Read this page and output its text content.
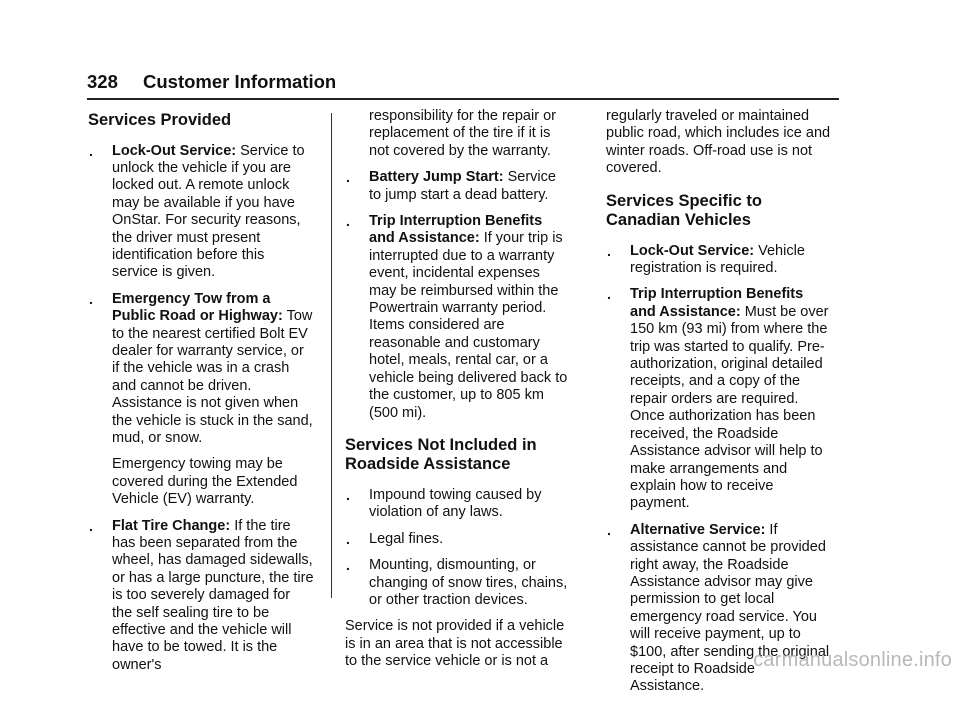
328 Customer Information
Services Provided
. Lock-Out Service: Service to unlock the vehicle if you are locked out. A remote unlock may be available if you have OnStar. For security reasons, the driver must present identification before this service is given.
. Emergency Tow from a Public Road or Highway: Tow to the nearest certified Bolt EV dealer for warranty service, or if the vehicle was in a crash and cannot be driven. Assistance is not given when the vehicle is stuck in the sand, mud, or snow.

Emergency towing may be covered during the Extended Vehicle (EV) warranty.

. Flat Tire Change: If the tire has been separated from the wheel, has damaged sidewalls, or has a large puncture, the tire is too severely damaged for the self sealing tire to be effective and the vehicle will have to be towed. It is the owner's

responsibility for the repair or replacement of the tire if it is not covered by the warranty.

. Battery Jump Start: Service to jump start a dead battery.
. Trip Interruption Benefits and Assistance: If your trip is interrupted due to a warranty event, incidental expenses may be reimbursed within the Powertrain warranty period. Items considered are reasonable and customary hotel, meals, rental car, or a vehicle being delivered back to the customer, up to 805 km (500 mi).
Services Not Included in Roadside Assistance
. Impound towing caused by violation of any laws.
. Legal fines.
. Mounting, dismounting, or changing of snow tires, chains, or other traction devices.

Service is not provided if a vehicle is in an area that is not accessible to the service vehicle or is not a

regularly traveled or maintained public road, which includes ice and winter roads. Off-road use is not covered.

Services Specific to Canadian Vehicles
. Lock-Out Service: Vehicle registration is required.
. Trip Interruption Benefits and Assistance: Must be over 150 km (93 mi) from where the trip was started to qualify. Pre-authorization, original detailed receipts, and a copy of the repair orders are required. Once authorization has been received, the Roadside Assistance advisor will help to make arrangements and explain how to receive payment.
. Alternative Service: If assistance cannot be provided right away, the Roadside Assistance advisor may give permission to get local emergency road service. You will receive payment, up to $100, after sending the original receipt to Roadside Assistance.
carmanualsonline.info
